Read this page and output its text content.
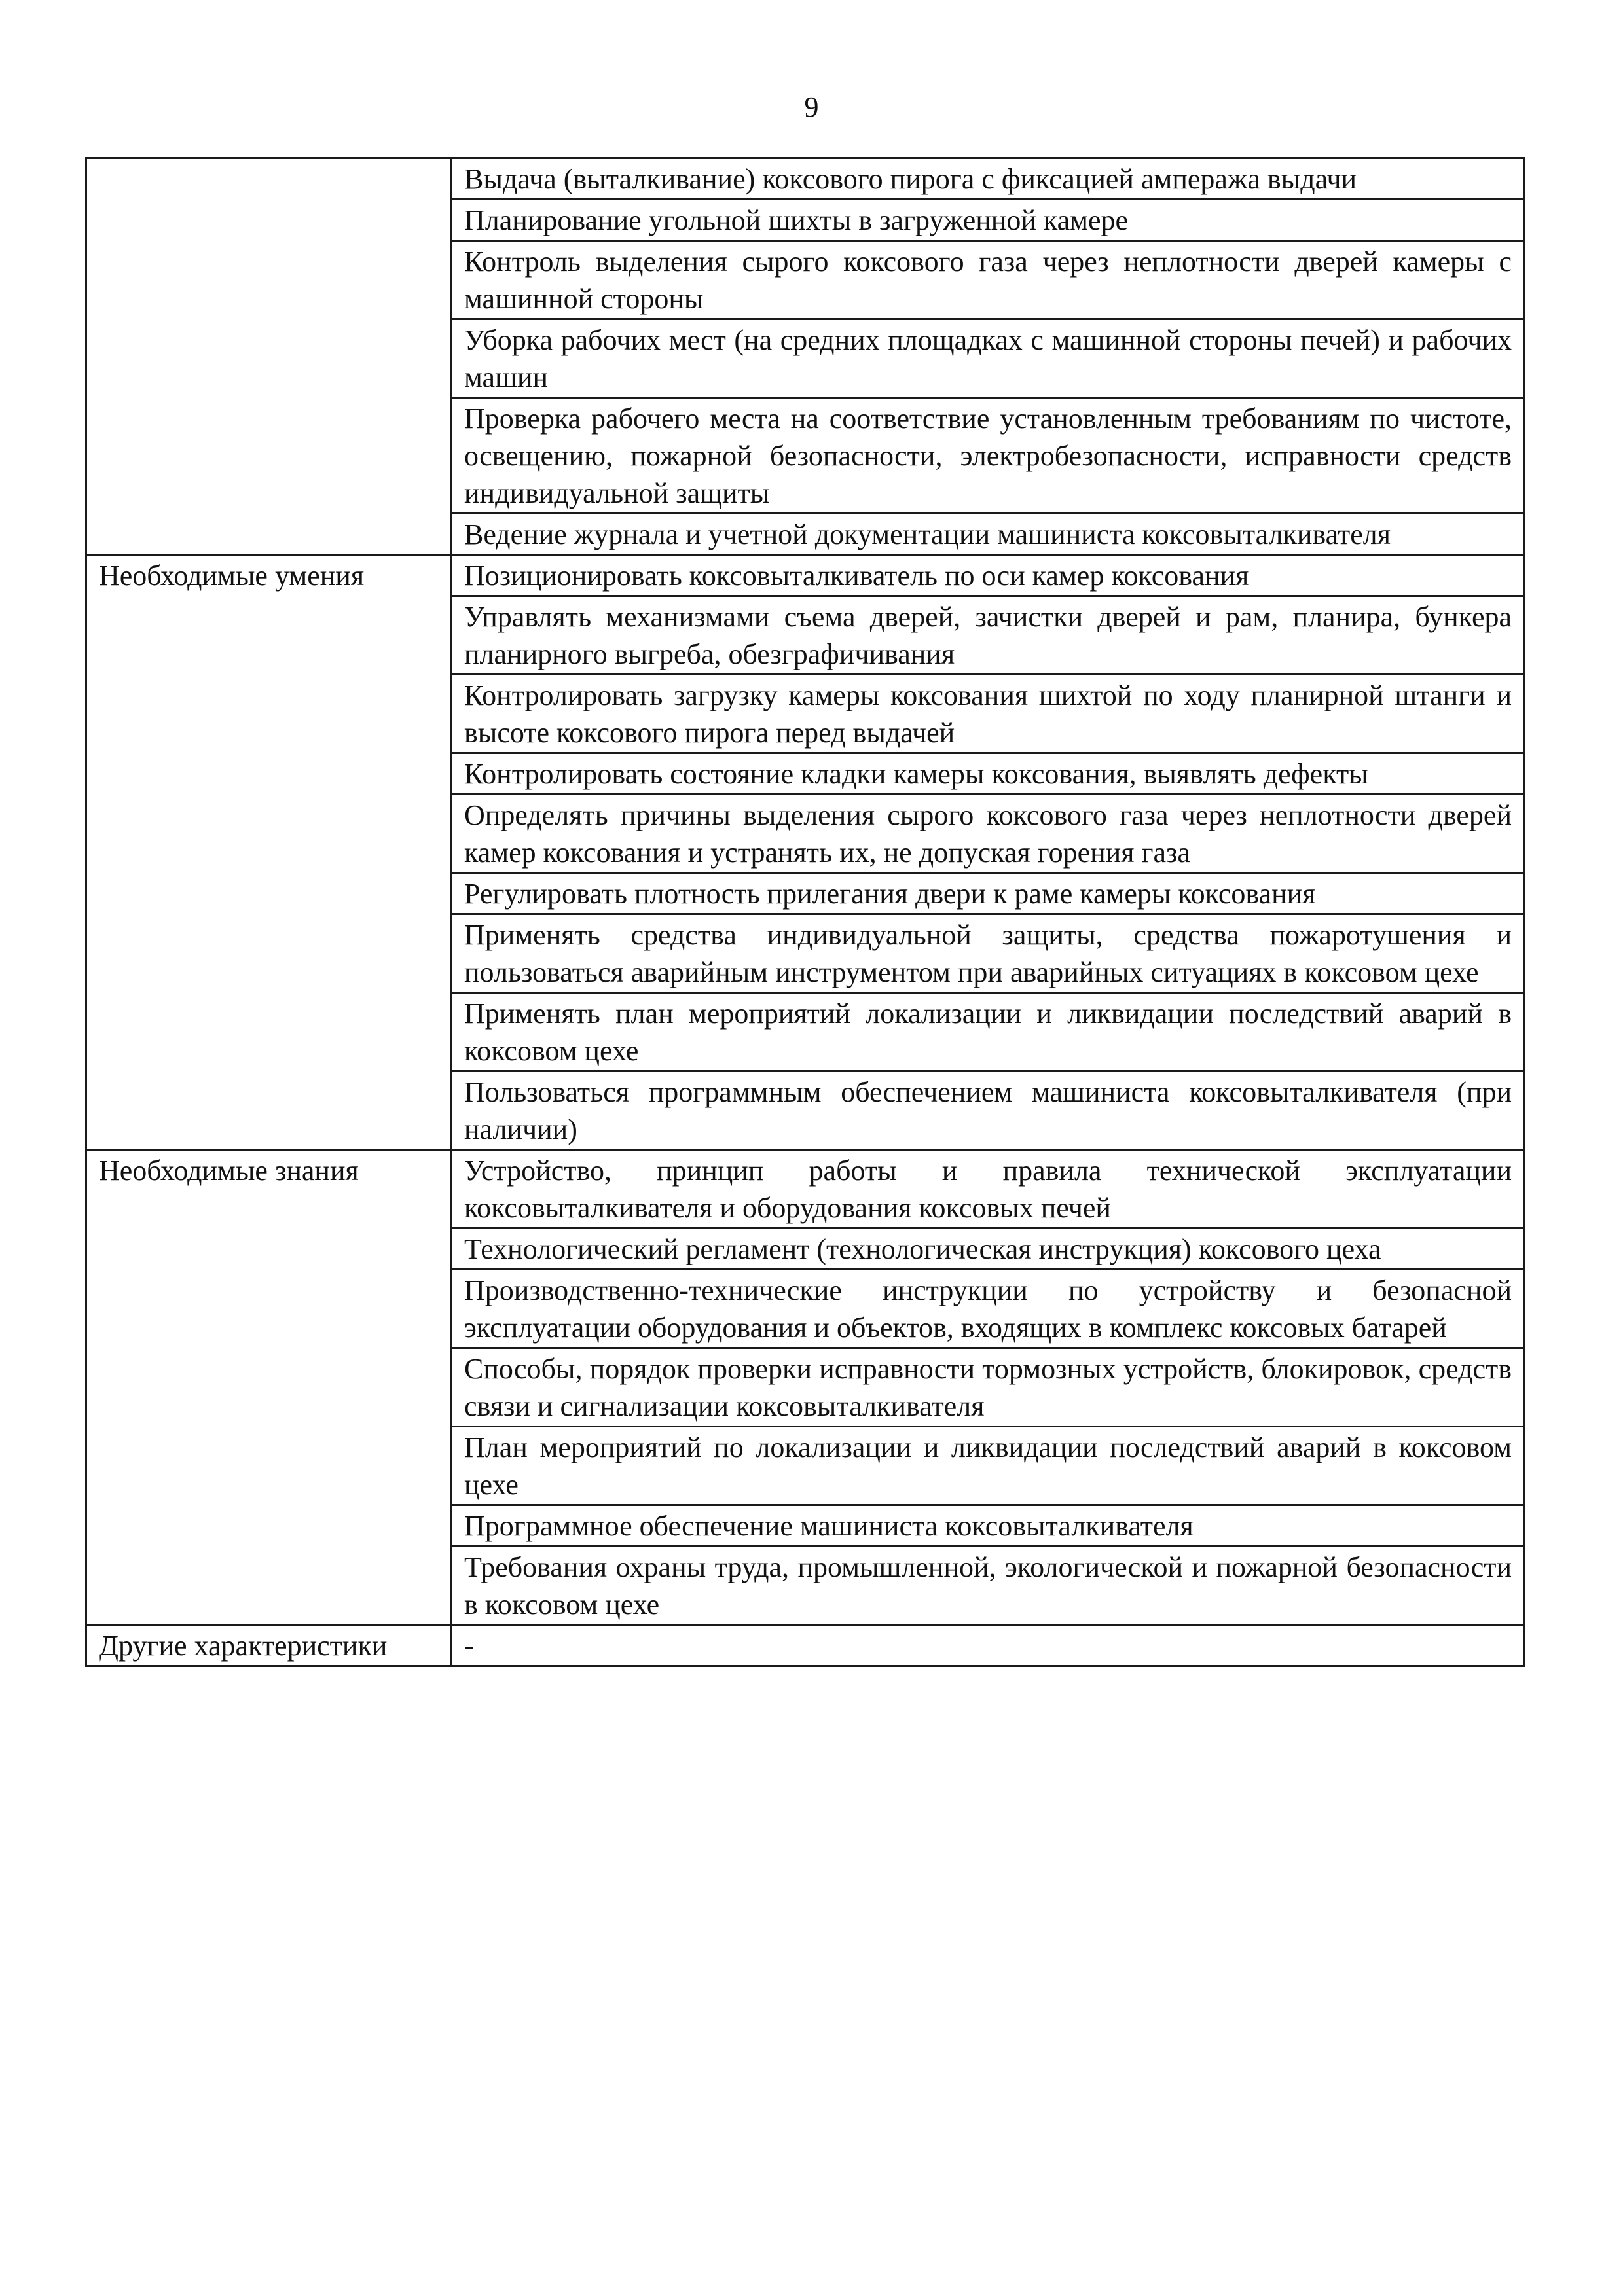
9
	Выдача (выталкивание) коксового пирога с фиксацией ампеража выдачи
	Планирование угольной шихты в загруженной камере
	Контроль выделения сырого коксового газа через неплотности дверей камеры с машинной стороны
	Уборка рабочих мест (на средних площадках с машинной стороны печей) и рабочих машин
	Проверка рабочего места на соответствие установленным требованиям по чистоте, освещению, пожарной безопасности, электробезопасности, исправности средств индивидуальной защиты
	Ведение журнала и учетной документации машиниста коксовыталкивателя

Необходимые умения	Позиционировать коксовыталкиватель по оси камер коксования
	Управлять механизмами съема дверей, зачистки дверей и рам, планира, бункера планирного выгреба, обезграфичивания
	Контролировать загрузку камеры коксования шихтой по ходу планирной штанги и высоте коксового пирога перед выдачей
	Контролировать состояние кладки камеры коксования, выявлять дефекты
	Определять причины выделения сырого коксового газа через неплотности дверей камер коксования и устранять их, не допуская горения газа
	Регулировать плотность прилегания двери к раме камеры коксования
	Применять средства индивидуальной защиты, средства пожаротушения и пользоваться аварийным инструментом при аварийных ситуациях в коксовом цехе
	Применять план мероприятий локализации и ликвидации последствий аварий в коксовом цехе
	Пользоваться программным обеспечением машиниста коксовыталкивателя (при наличии)

Необходимые знания	Устройство, принцип работы и правила технической эксплуатации коксовыталкивателя и оборудования коксовых печей
	Технологический регламент (технологическая инструкция) коксового цеха
	Производственно-технические инструкции по устройству и безопасной эксплуатации оборудования и объектов, входящих в комплекс коксовых батарей
	Способы, порядок проверки исправности тормозных устройств, блокировок, средств связи и сигнализации коксовыталкивателя
	План мероприятий по локализации и ликвидации последствий аварий в коксовом цехе
	Программное обеспечение машиниста коксовыталкивателя
	Требования охраны труда, промышленной, экологической и пожарной безопасности в коксовом цехе

Другие характеристики	-
